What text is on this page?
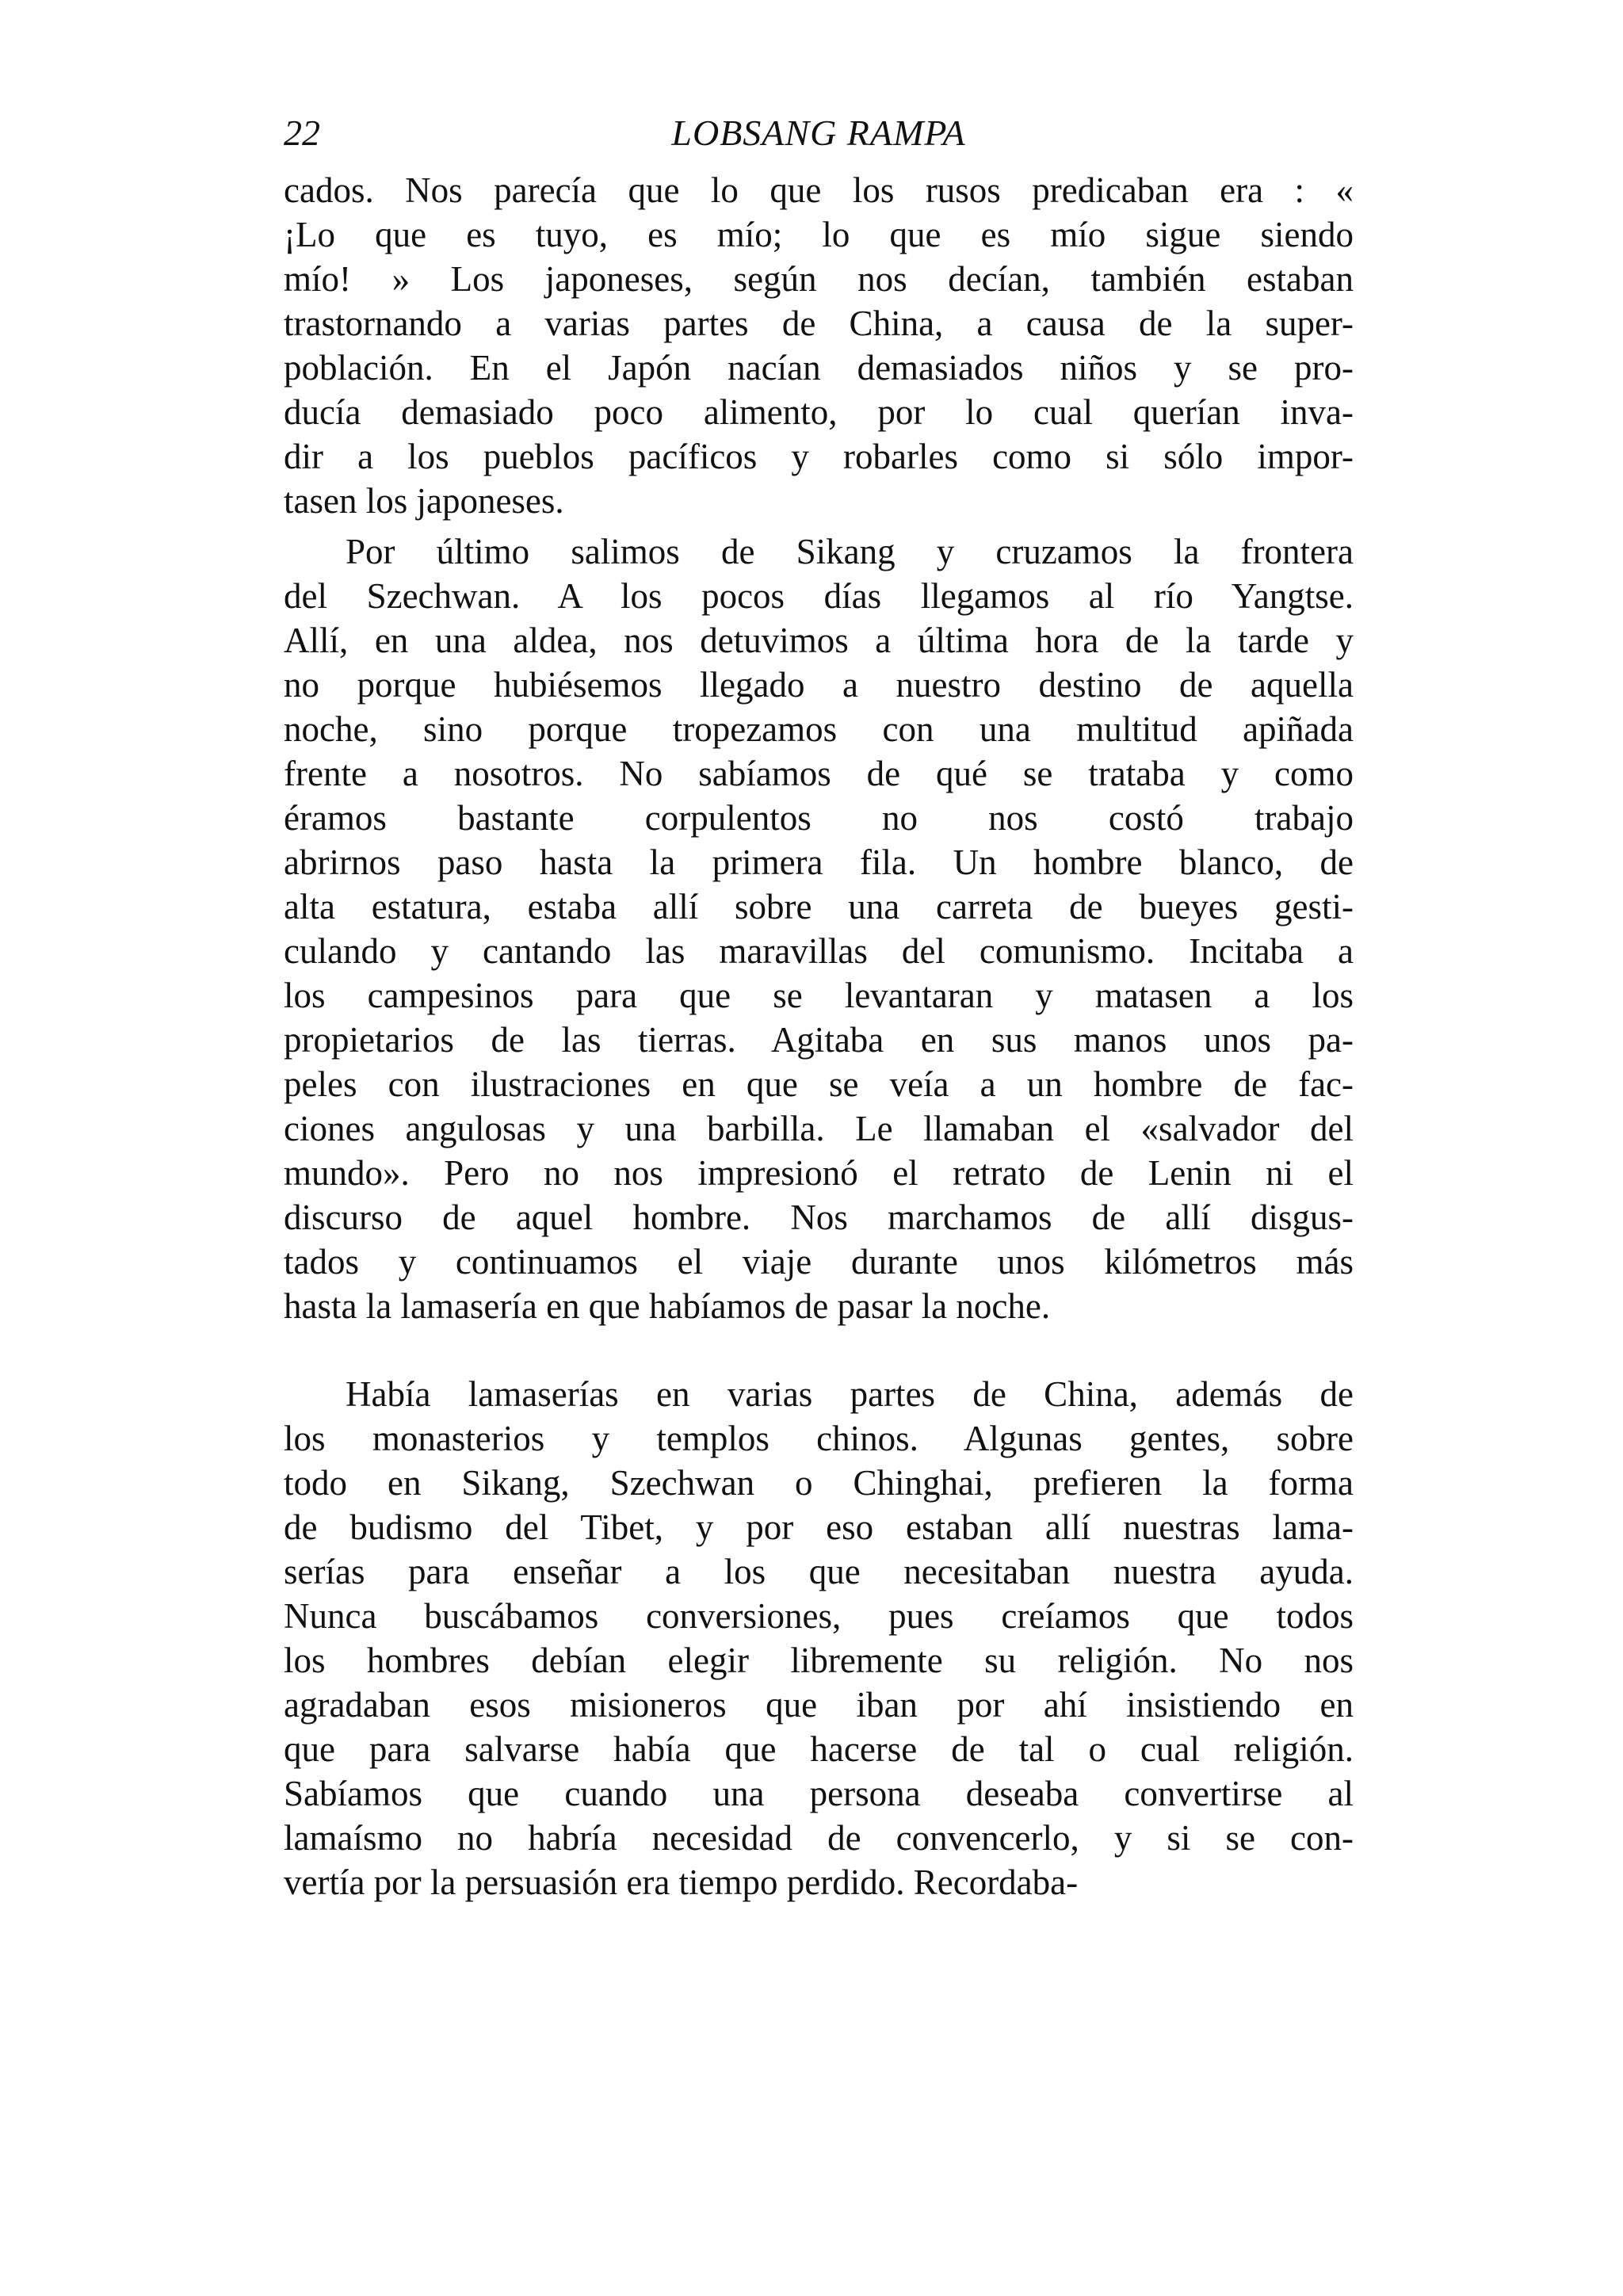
22	LOBSANG RAMPA
cados. Nos parecía que lo que los rusos predicaban era : «
¡Lo que es tuyo, es mío; lo que es mío sigue siendo
mío! » Los japoneses, según nos decían, también estaban
trastornando a varias partes de China, a causa de la super-
población. En el Japón nacían demasiados niños y se pro-
ducía demasiado poco alimento, por lo cual querían inva-
dir a los pueblos pacíficos y robarles como si sólo impor-
tasen los japoneses.
Por último salimos de Sikang y cruzamos la frontera
del Szechwan. A los pocos días llegamos al río Yangtse.
Allí, en una aldea, nos detuvimos a última hora de la tarde y
no porque hubiésemos llegado a nuestro destino de aquella
noche, sino porque tropezamos con una multitud apiñada
frente a nosotros. No sabíamos de qué se trataba y como
éramos bastante corpulentos no nos costó trabajo
abrirnos paso hasta la primera fila. Un hombre blanco, de
alta estatura, estaba allí sobre una carreta de bueyes gesti-
culando y cantando las maravillas del comunismo. Incitaba a
los campesinos para que se levantaran y matasen a los
propietarios de las tierras. Agitaba en sus manos unos pa-
peles con ilustraciones en que se veía a un hombre de fac-
ciones angulosas y una barbilla. Le llamaban el «salvador del
mundo». Pero no nos impresionó el retrato de Lenin ni el
discurso de aquel hombre. Nos marchamos de allí disgus-
tados y continuamos el viaje durante unos kilómetros más
hasta la lamasería en que habíamos de pasar la noche.
Había lamaserías en varias partes de China, además de
los monasterios y templos chinos. Algunas gentes, sobre
todo en Sikang, Szechwan o Chinghai, prefieren la forma
de budismo del Tibet, y por eso estaban allí nuestras lama-
serías para enseñar a los que necesitaban nuestra ayuda.
Nunca buscábamos conversiones, pues creíamos que todos
los hombres debían elegir libremente su religión. No nos
agradaban esos misioneros que iban por ahí insistiendo en
que para salvarse había que hacerse de tal o cual religión.
Sabíamos que cuando una persona deseaba convertirse al
lamaísmo no habría necesidad de convencerlo, y si se con-
vertía por la persuasión era tiempo perdido. Recordaba-
